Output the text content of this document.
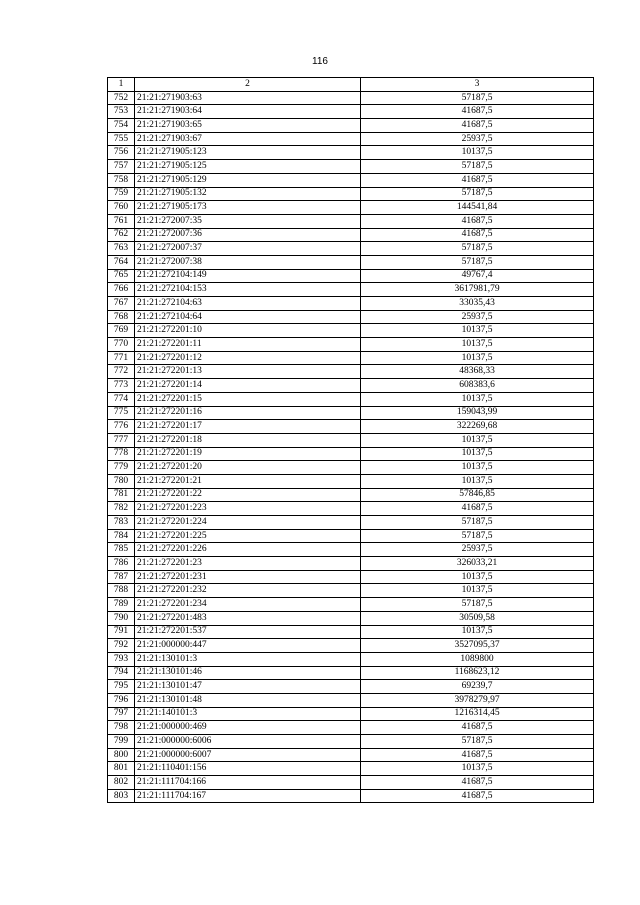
116
1	2	3
752	21:21:271903:63	57187,5
753	21:21:271903:64	41687,5
754	21:21:271903:65	41687,5
755	21:21:271903:67	25937,5
756	21:21:271905:123	10137,5
757	21:21:271905:125	57187,5
758	21:21:271905:129	41687,5
759	21:21:271905:132	57187,5
760	21:21:271905:173	144541,84
761	21:21:272007:35	41687,5
762	21:21:272007:36	41687,5
763	21:21:272007:37	57187,5
764	21:21:272007:38	57187,5
765	21:21:272104:149	49767,4
766	21:21:272104:153	3617981,79
767	21:21:272104:63	33035,43
768	21:21:272104:64	25937,5
769	21:21:272201:10	10137,5
770	21:21:272201:11	10137,5
771	21:21:272201:12	10137,5
772	21:21:272201:13	48368,33
773	21:21:272201:14	608383,6
774	21:21:272201:15	10137,5
775	21:21:272201:16	159043,99
776	21:21:272201:17	322269,68
777	21:21:272201:18	10137,5
778	21:21:272201:19	10137,5
779	21:21:272201:20	10137,5
780	21:21:272201:21	10137,5
781	21:21:272201:22	57846,85
782	21:21:272201:223	41687,5
783	21:21:272201:224	57187,5
784	21:21:272201:225	57187,5
785	21:21:272201:226	25937,5
786	21:21:272201:23	326033,21
787	21:21:272201:231	10137,5
788	21:21:272201:232	10137,5
789	21:21:272201:234	57187,5
790	21:21:272201:483	30509,58
791	21:21:272201:537	10137,5
792	21:21:000000:447	3527095,37
793	21:21:130101:3	1089800
794	21:21:130101:46	1168623,12
795	21:21:130101:47	69239,7
796	21:21:130101:48	3978279,97
797	21:21:140101:3	1216314,45
798	21:21:000000:469	41687,5
799	21:21:000000:6006	57187,5
800	21:21:000000:6007	41687,5
801	21:21:110401:156	10137,5
802	21:21:111704:166	41687,5
803	21:21:111704:167	41687,5
